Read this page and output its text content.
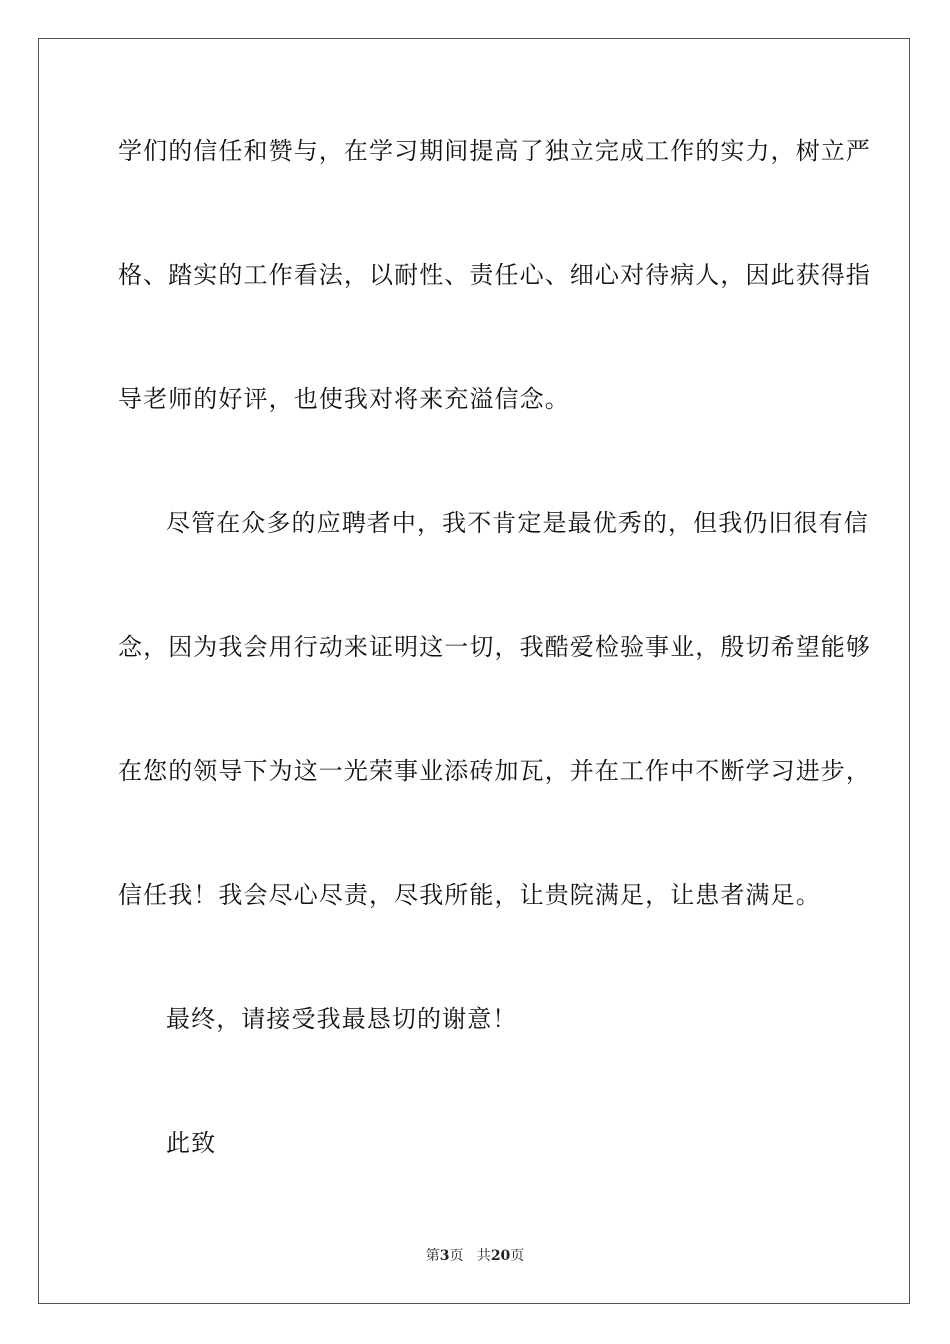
学们的信任和赞与，在学习期间提高了独立完成工作的实力，树立严
格、踏实的工作看法，以耐性、责任心、细心对待病人，因此获得指
导老师的好评，也使我对将来充溢信念。
尽管在众多的应聘者中，我不肯定是最优秀的，但我仍旧很有信
念，因为我会用行动来证明这一切，我酷爱检验事业，殷切希望能够
在您的领导下为这一光荣事业添砖加瓦，并在工作中不断学习进步，
信任我！我会尽心尽责，尽我所能，让贵院满足，让患者满足。
最终，请接受我最恳切的谢意！
此致
第3页 共20页
